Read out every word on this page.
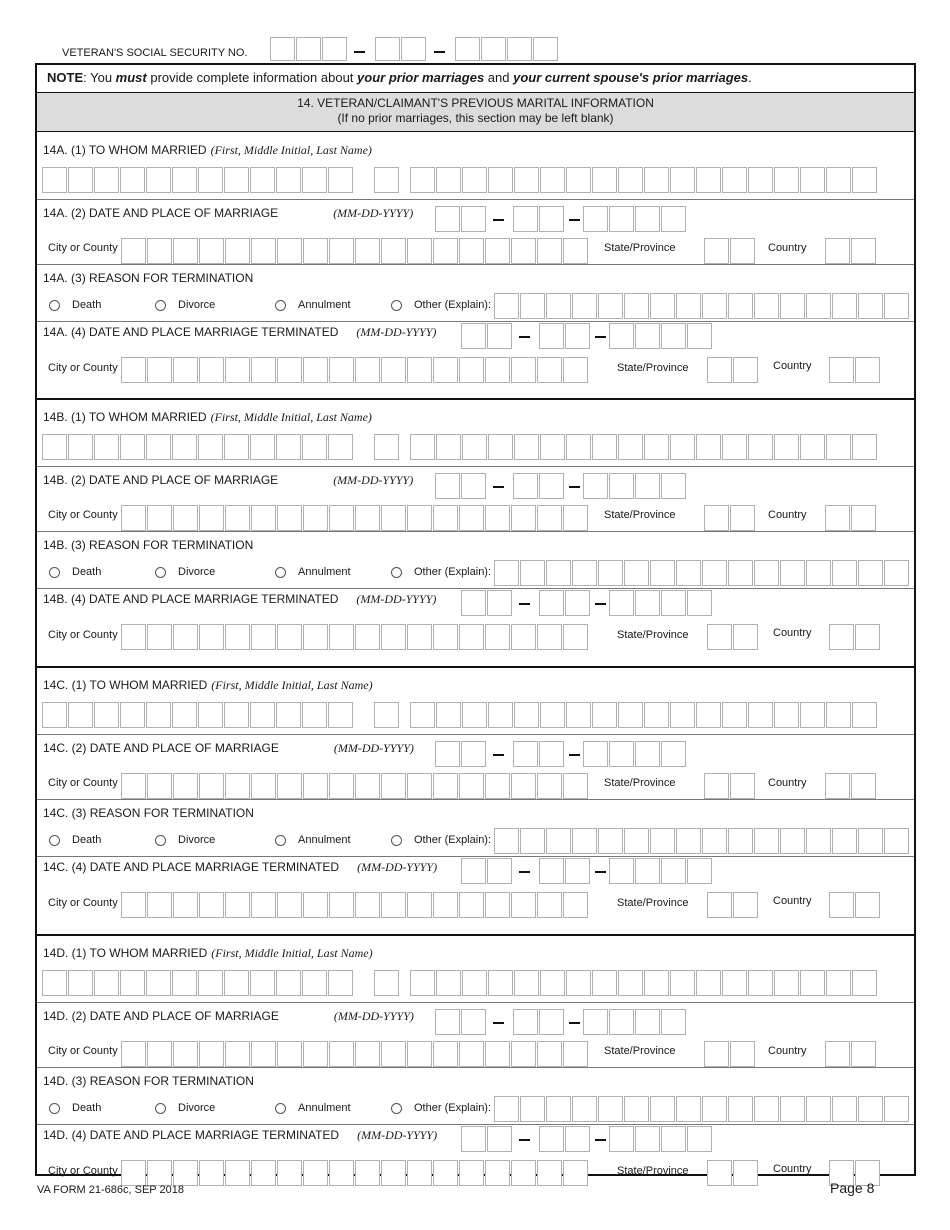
VETERAN'S SOCIAL SECURITY NO.
NOTE: You must provide complete information about your prior marriages and your current spouse's prior marriages.
14. VETERAN/CLAIMANT'S PREVIOUS MARITAL INFORMATION
(If no prior marriages, this section may be left blank)
14A. (1) TO WHOM MARRIED (First, Middle Initial, Last Name)
14A. (2) DATE AND PLACE OF MARRIAGE	(MM-DD-YYYY)
City or County	State/Province	Country
14A. (3) REASON FOR TERMINATION
Death	Divorce	Annulment	Other (Explain):
14A. (4) DATE AND PLACE MARRIAGE TERMINATED (MM-DD-YYYY)
City or County	State/Province	Country
14B. (1) TO WHOM MARRIED (First, Middle Initial, Last Name)
14B. (2) DATE AND PLACE OF MARRIAGE	(MM-DD-YYYY)
City or County	State/Province	Country
14B. (3) REASON FOR TERMINATION
Death	Divorce	Annulment	Other (Explain):
14B. (4) DATE AND PLACE MARRIAGE TERMINATED (MM-DD-YYYY)
City or County	State/Province	Country
14C. (1) TO WHOM MARRIED (First, Middle Initial, Last Name)
14C. (2) DATE AND PLACE OF MARRIAGE	(MM-DD-YYYY)
City or County	State/Province	Country
14C. (3) REASON FOR TERMINATION
Death	Divorce	Annulment	Other (Explain):
14C. (4) DATE AND PLACE MARRIAGE TERMINATED (MM-DD-YYYY)
City or County	State/Province	Country
14D. (1) TO WHOM MARRIED (First, Middle Initial, Last Name)
14D. (2) DATE AND PLACE OF MARRIAGE	(MM-DD-YYYY)
City or County	State/Province	Country
14D. (3) REASON FOR TERMINATION
Death	Divorce	Annulment	Other (Explain):
14D. (4) DATE AND PLACE MARRIAGE TERMINATED (MM-DD-YYYY)
City or County	State/Province	Country
VA FORM 21-686c, SEP 2018	Page 8
